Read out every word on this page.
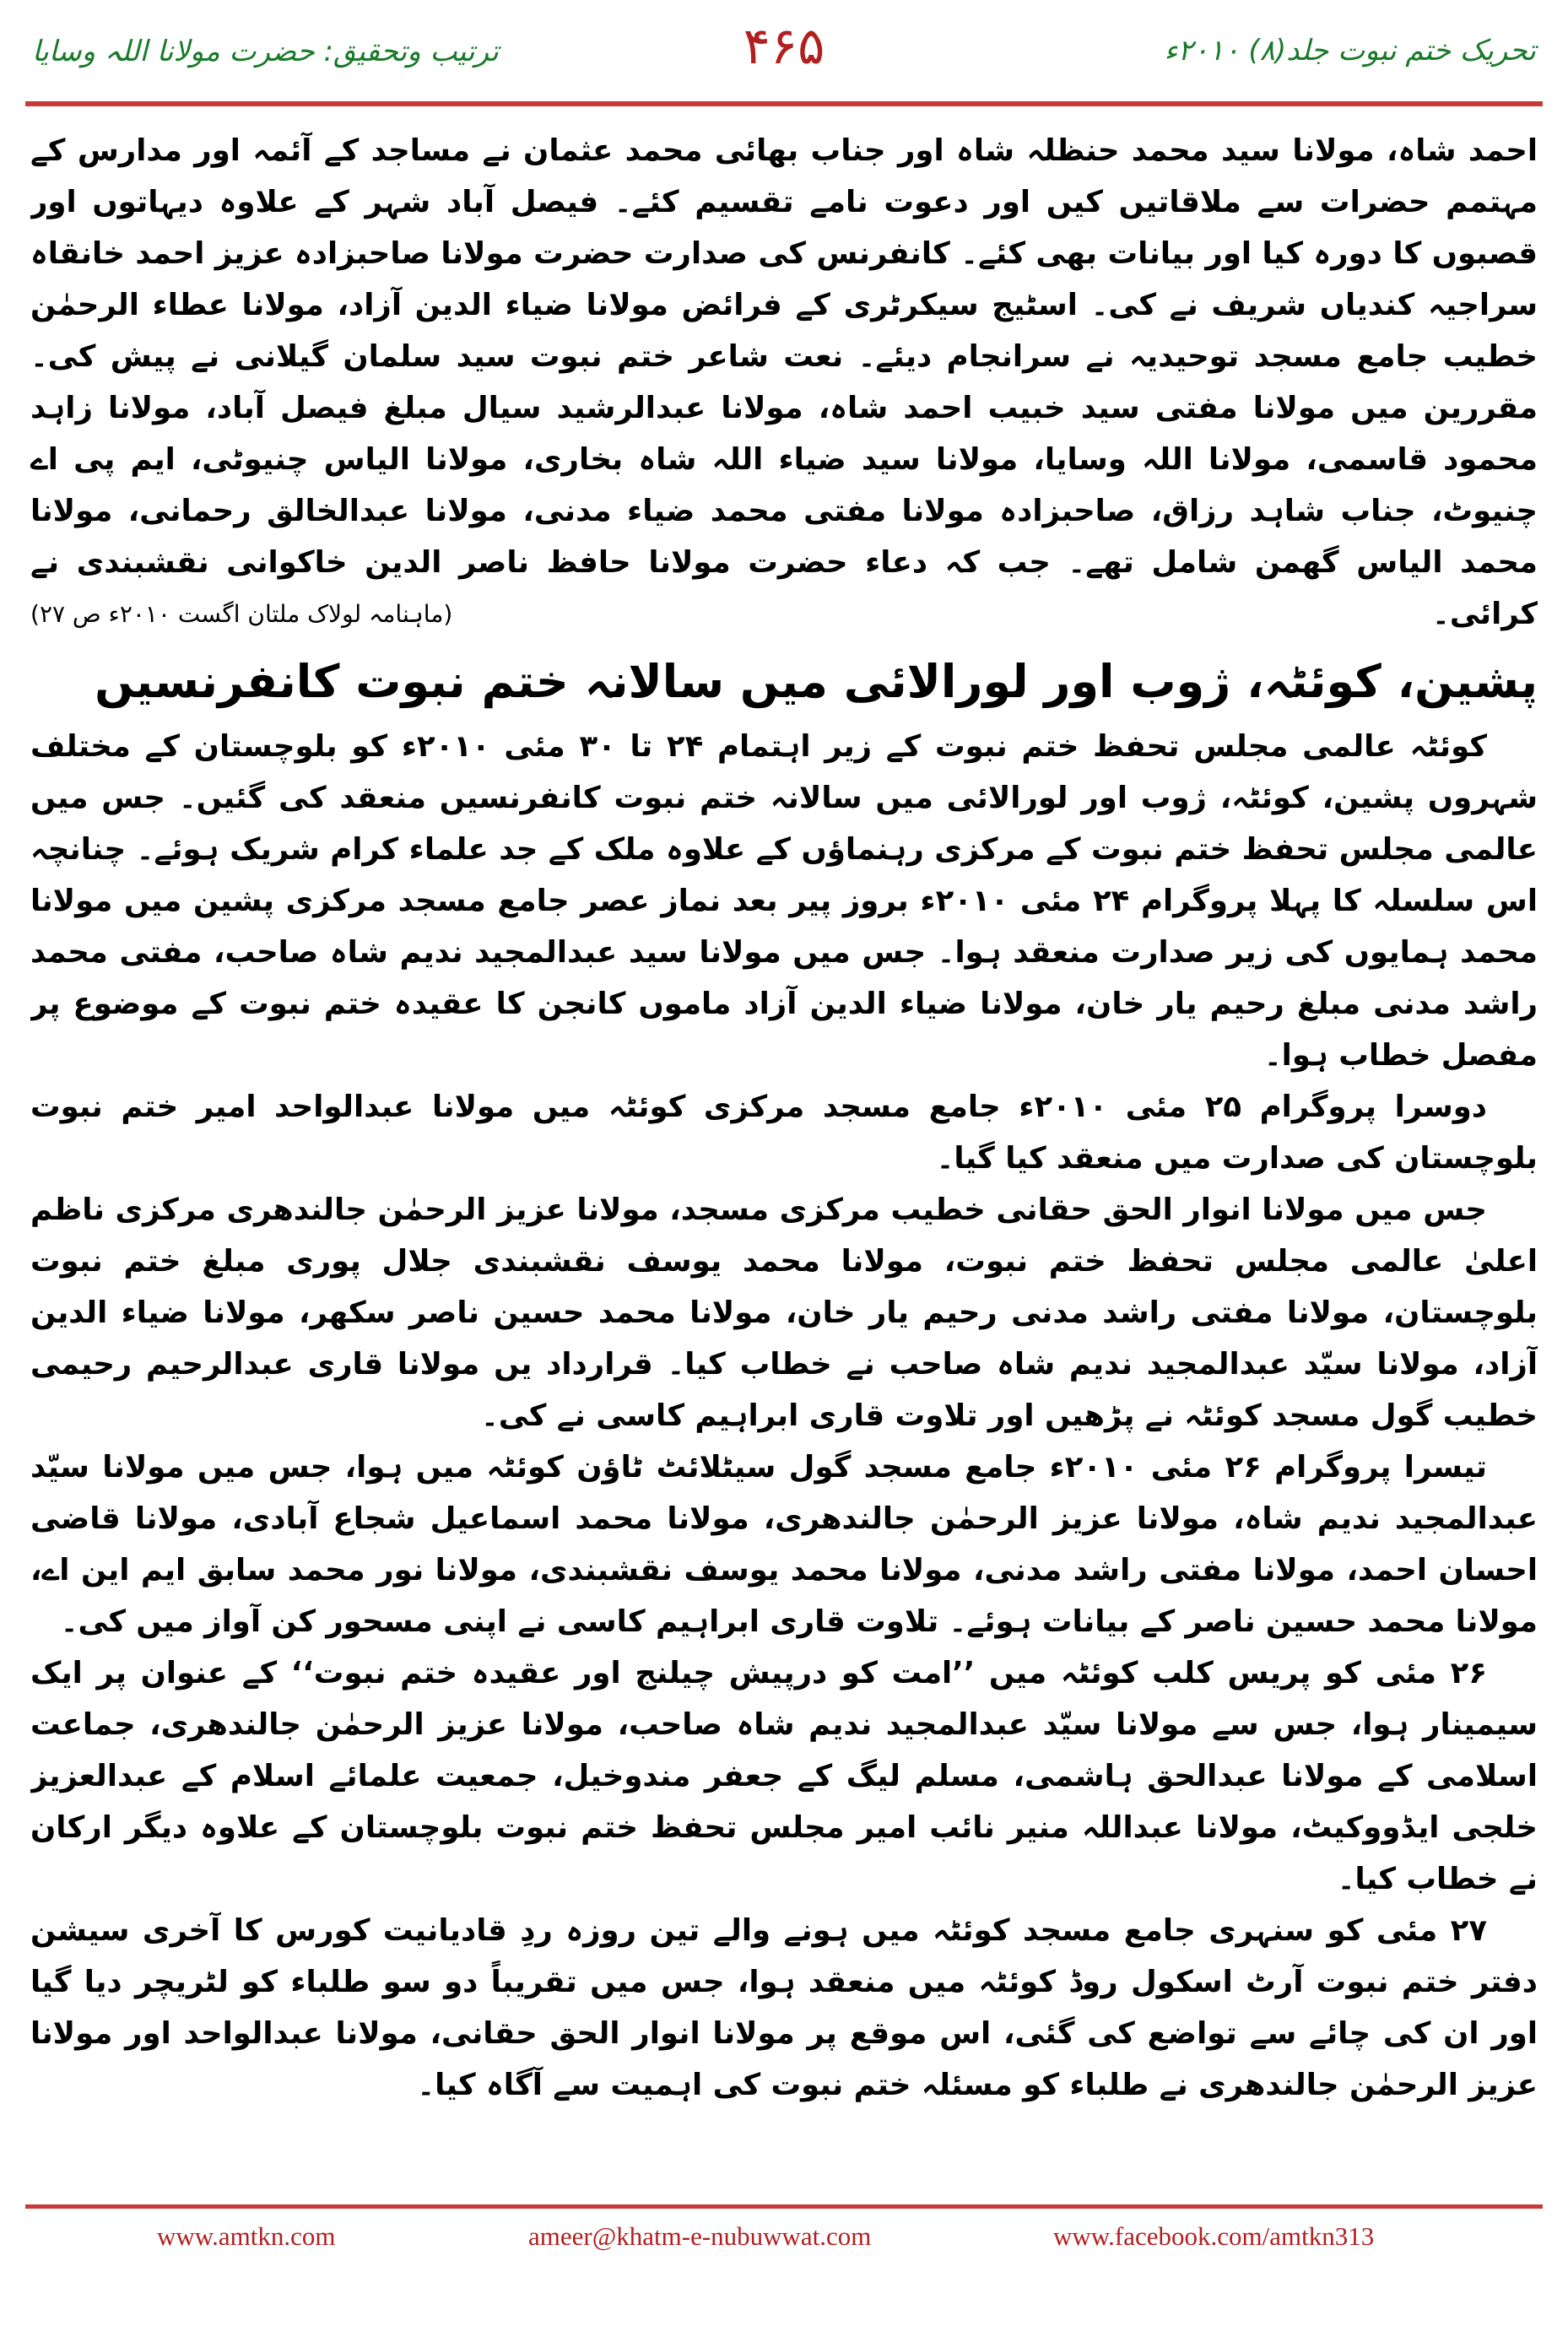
ترتیب وتحقیق: حضرت مولانا اللہ وسایا	۴۶۵	تحریک ختم نبوت جلد(۸) ۲۰۱۰ء

احمد شاہ، مولانا سید محمد حنظلہ شاہ اور جناب بھائی محمد عثمان نے مساجد کے آئمہ اور مدارس کے مہتمم حضرات سے ملاقاتیں کیں اور دعوت نامے تقسیم کئے۔ فیصل آباد شہر کے علاوہ دیہاتوں اور قصبوں کا دورہ کیا اور بیانات بھی کئے۔ کانفرنس کی صدارت حضرت مولانا صاحبزادہ عزیز احمد خانقاہ سراجیہ کندیاں شریف نے کی۔ اسٹیج سیکرٹری کے فرائض مولانا ضیاء الدین آزاد، مولانا عطاء الرحمٰن خطیب جامع مسجد توحیدیہ نے سرانجام دیئے۔ نعت شاعر ختم نبوت سید سلمان گیلانی نے پیش کی۔ مقررین میں مولانا مفتی سید خبیب احمد شاہ، مولانا عبدالرشید سیال مبلغ فیصل آباد، مولانا زاہد محمود قاسمی، مولانا اللہ وسایا، مولانا سید ضیاء اللہ شاہ بخاری، مولانا الیاس چنیوٹی، ایم پی اے چنیوٹ، جناب شاہد رزاق، صاحبزادہ مولانا مفتی محمد ضیاء مدنی، مولانا عبدالخالق رحمانی، مولانا محمد الیاس گھمن شامل تھے۔ جب کہ دعاء حضرت مولانا حافظ ناصر الدین خاکوانی نقشبندی نے کرائی۔
(ماہنامہ لولاک ملتان اگست ۲۰۱۰ء ص ۲۷)

پشین، کوئٹہ، ژوب اور لورالائی میں سالانہ ختم نبوت کانفرنسیں

کوئٹہ عالمی مجلس تحفظ ختم نبوت کے زیر اہتمام ۲۴ تا ۳۰ مئی ۲۰۱۰ء کو بلوچستان کے مختلف شہروں پشین، کوئٹہ، ژوب اور لورالائی میں سالانہ ختم نبوت کانفرنسیں منعقد کی گئیں۔ جس میں عالمی مجلس تحفظ ختم نبوت کے مرکزی رہنماؤں کے علاوہ ملک کے جد علماء کرام شریک ہوئے۔ چنانچہ اس سلسلہ کا پہلا پروگرام ۲۴ مئی ۲۰۱۰ء بروز پیر بعد نماز عصر جامع مسجد مرکزی پشین میں مولانا محمد ہمایوں کی زیر صدارت منعقد ہوا۔ جس میں مولانا سید عبدالمجید ندیم شاہ صاحب، مفتی محمد راشد مدنی مبلغ رحیم یار خان، مولانا ضیاء الدین آزاد ماموں کانجن کا عقیدہ ختم نبوت کے موضوع پر مفصل خطاب ہوا۔

دوسرا پروگرام ۲۵ مئی ۲۰۱۰ء جامع مسجد مرکزی کوئٹہ میں مولانا عبدالواحد امیر ختم نبوت بلوچستان کی صدارت میں منعقد کیا گیا۔

جس میں مولانا انوار الحق حقانی خطیب مرکزی مسجد، مولانا عزیز الرحمٰن جالندھری مرکزی ناظم اعلیٰ عالمی مجلس تحفظ ختم نبوت، مولانا محمد یوسف نقشبندی جلال پوری مبلغ ختم نبوت بلوچستان، مولانا مفتی راشد مدنی رحیم یار خان، مولانا محمد حسین ناصر سکھر، مولانا ضیاء الدین آزاد، مولانا سیّد عبدالمجید ندیم شاہ صاحب نے خطاب کیا۔ قرارداد یں مولانا قاری عبدالرحیم رحیمی خطیب گول مسجد کوئٹہ نے پڑھیں اور تلاوت قاری ابراہیم کاسی نے کی۔

تیسرا پروگرام ۲۶ مئی ۲۰۱۰ء جامع مسجد گول سیٹلائٹ ٹاؤن کوئٹہ میں ہوا، جس میں مولانا سیّد عبدالمجید ندیم شاہ، مولانا عزیز الرحمٰن جالندھری، مولانا محمد اسماعیل شجاع آبادی، مولانا قاضی احسان احمد، مولانا مفتی راشد مدنی، مولانا محمد یوسف نقشبندی، مولانا نور محمد سابق ایم این اے، مولانا محمد حسین ناصر کے بیانات ہوئے۔ تلاوت قاری ابراہیم کاسی نے اپنی مسحور کن آواز میں کی۔

۲۶ مئی کو پریس کلب کوئٹہ میں ’’امت کو درپیش چیلنج اور عقیدہ ختم نبوت‘‘ کے عنوان پر ایک سیمینار ہوا، جس سے مولانا سیّد عبدالمجید ندیم شاہ صاحب، مولانا عزیز الرحمٰن جالندھری، جماعت اسلامی کے مولانا عبدالحق ہاشمی، مسلم لیگ کے جعفر مندوخیل، جمعیت علمائے اسلام کے عبدالعزیز خلجی ایڈووکیٹ، مولانا عبداللہ منیر نائب امیر مجلس تحفظ ختم نبوت بلوچستان کے علاوہ دیگر ارکان نے خطاب کیا۔

۲۷ مئی کو سنہری جامع مسجد کوئٹہ میں ہونے والے تین روزہ ردِ قادیانیت کورس کا آخری سیشن دفتر ختم نبوت آرٹ اسکول روڈ کوئٹہ میں منعقد ہوا، جس میں تقریباً دو سو طلباء کو لٹریچر دیا گیا اور ان کی چائے سے تواضع کی گئی، اس موقع پر مولانا انوار الحق حقانی، مولانا عبدالواحد اور مولانا عزیز الرحمٰن جالندھری نے طلباء کو مسئلہ ختم نبوت کی اہمیت سے آگاہ کیا۔

www.amtkn.com	ameer@khatm-e-nubuwwat.com	www.facebook.com/amtkn313
